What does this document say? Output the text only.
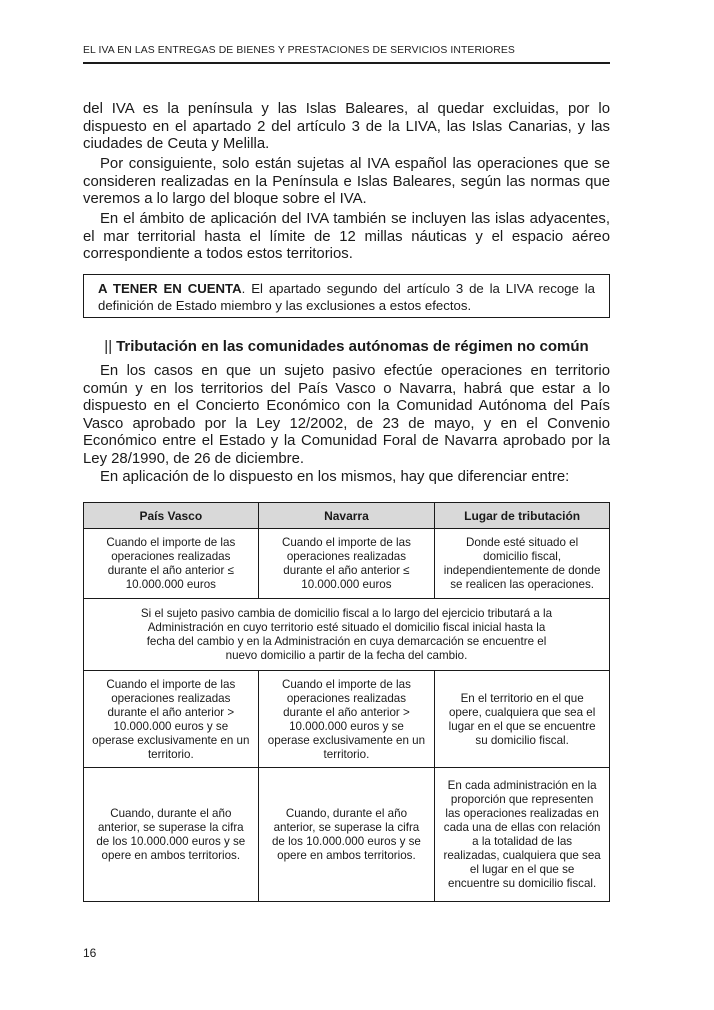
EL IVA EN LAS ENTREGAS DE BIENES Y PRESTACIONES DE SERVICIOS INTERIORES

del IVA es la península y las Islas Baleares, al quedar excluidas, por lo dispuesto en el apartado 2 del artículo 3 de la LIVA, las Islas Canarias, y las ciudades de Ceuta y Melilla.

Por consiguiente, solo están sujetas al IVA español las operaciones que se consideren realizadas en la Península e Islas Baleares, según las normas que veremos a lo largo del bloque sobre el IVA.

En el ámbito de aplicación del IVA también se incluyen las islas adyacentes, el mar territorial hasta el límite de 12 millas náuticas y el espacio aéreo correspondiente a todos estos territorios.

A TENER EN CUENTA. El apartado segundo del artículo 3 de la LIVA recoge la definición de Estado miembro y las exclusiones a estos efectos.
|| Tributación en las comunidades autónomas de régimen no común

En los casos en que un sujeto pasivo efectúe operaciones en territorio común y en los territorios del País Vasco o Navarra, habrá que estar a lo dispuesto en el Concierto Económico con la Comunidad Autónoma del País Vasco aprobado por la Ley 12/2002, de 23 de mayo, y en el Convenio Económico entre el Estado y la Comunidad Foral de Navarra aprobado por la Ley 28/1990, de 26 de diciembre.

En aplicación de lo dispuesto en los mismos, hay que diferenciar entre:

País Vasco	Navarra	Lugar de tributación
Cuando el importe de las operaciones realizadas durante el año anterior ≤ 10.000.000 euros	Cuando el importe de las operaciones realizadas durante el año anterior ≤ 10.000.000 euros	Donde esté situado el domicilio fiscal, independientemente de donde se realicen las operaciones.
Si el sujeto pasivo cambia de domicilio fiscal a lo largo del ejercicio tributará a la Administración en cuyo territorio esté situado el domicilio fiscal inicial hasta la fecha del cambio y en la Administración en cuya demarcación se encuentre el nuevo domicilio a partir de la fecha del cambio.		
Cuando el importe de las operaciones realizadas durante el año anterior > 10.000.000 euros y se operase exclusivamente en un territorio.	Cuando el importe de las operaciones realizadas durante el año anterior > 10.000.000 euros y se operase exclusivamente en un territorio.	En el territorio en el que opere, cualquiera que sea el lugar en el que se encuentre su domicilio fiscal.
Cuando, durante el año anterior, se superase la cifra de los 10.000.000 euros y se opere en ambos territorios.	Cuando, durante el año anterior, se superase la cifra de los 10.000.000 euros y se opere en ambos territorios.	En cada administración en la proporción que representen las operaciones realizadas en cada una de ellas con relación a la totalidad de las realizadas, cualquiera que sea el lugar en el que se encuentre su domicilio fiscal.
16
